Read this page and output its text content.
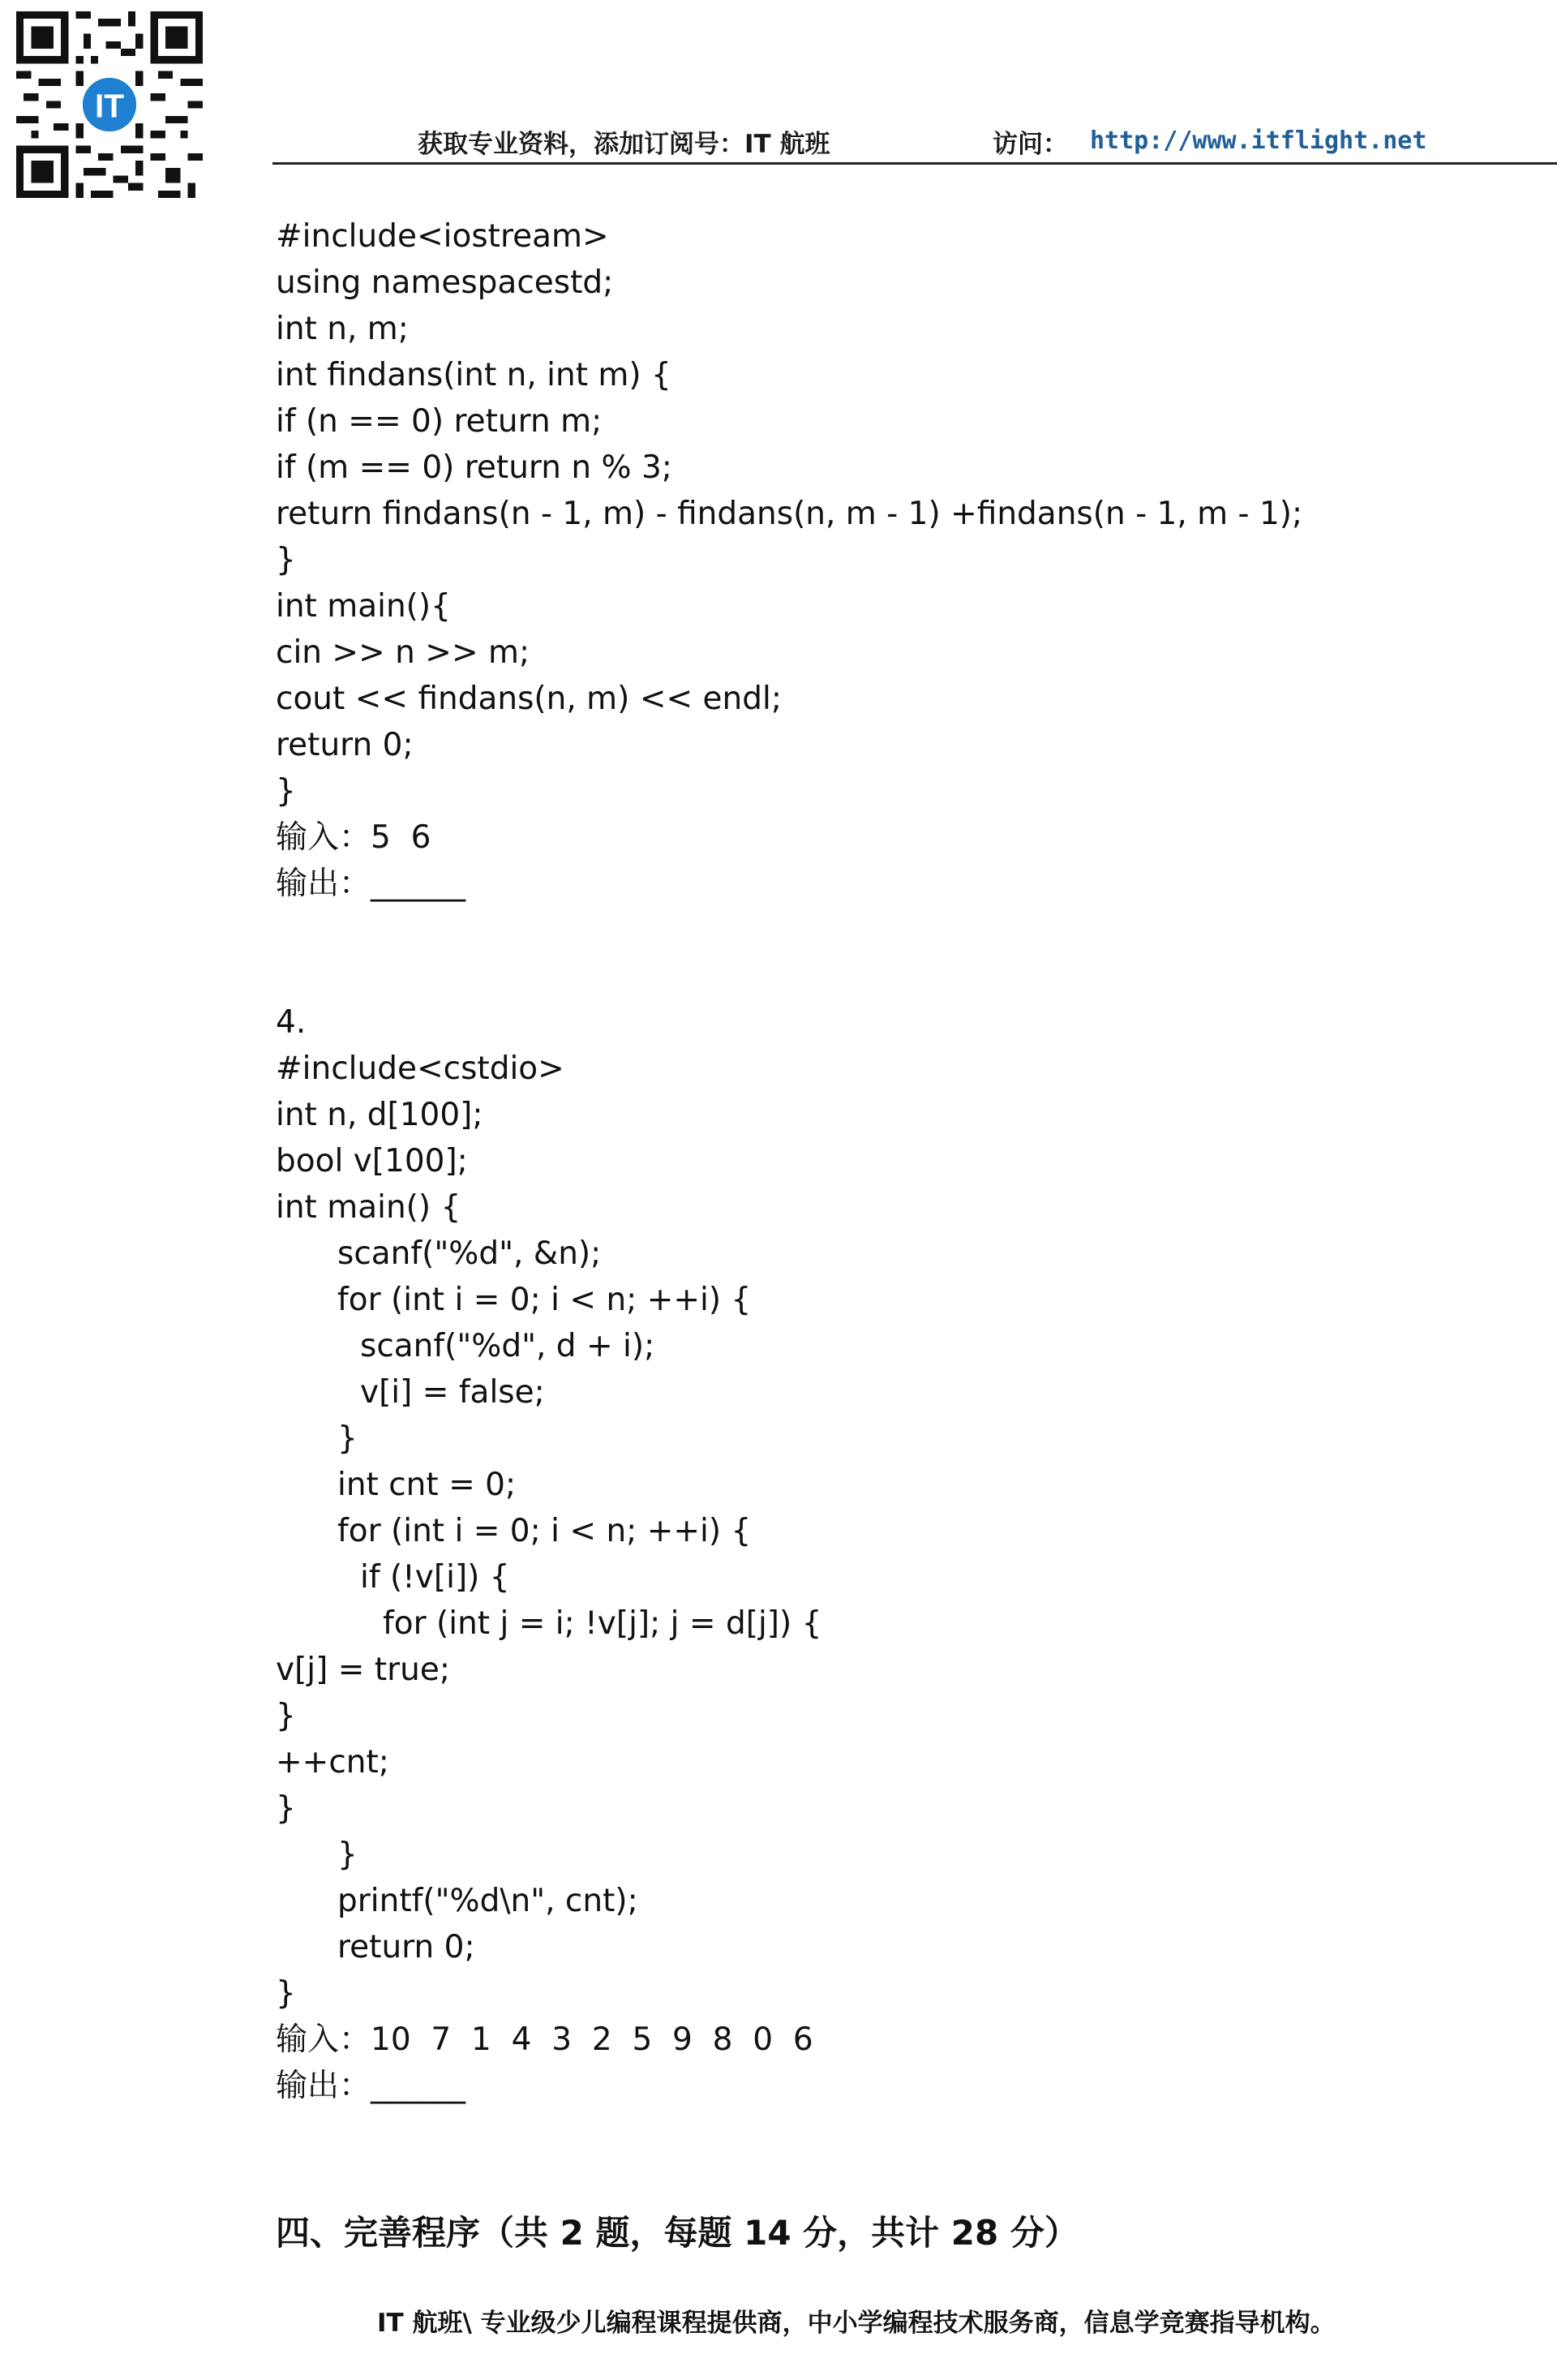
IT
获取专业资料，添加订阅号：IT 航班	访问： http://www.itflight.net
#include<iostream>
using namespacestd;
int n, m;
int findans(int n, int m) {
if (n == 0) return m;
if (m == 0) return n % 3;
return findans(n - 1, m) - findans(n, m - 1) +findans(n - 1, m - 1);
}
int main(){
cin >> n >> m;
cout << findans(n, m) << endl;
return 0;
}
输入：5  6
输出：______
4.
#include<cstdio>
int n, d[100];
bool v[100];
int main() {
scanf("%d", &n);
for (int i = 0; i < n; ++i) {
scanf("%d", d + i);
v[i] = false;
}
int cnt = 0;
for (int i = 0; i < n; ++i) {
if (!v[i]) {
for (int j = i; !v[j]; j = d[j]) {
v[j] = true;
}
++cnt;
}
}
printf("%d\n", cnt);
return 0;
}
输入：10  7  1  4  3  2  5  9  8  0  6
输出：______
四、完善程序（共 2 题，每题 14 分，共计 28 分）
IT 航班\ 专业级少儿编程课程提供商，中小学编程技术服务商，信息学竞赛指导机构。
